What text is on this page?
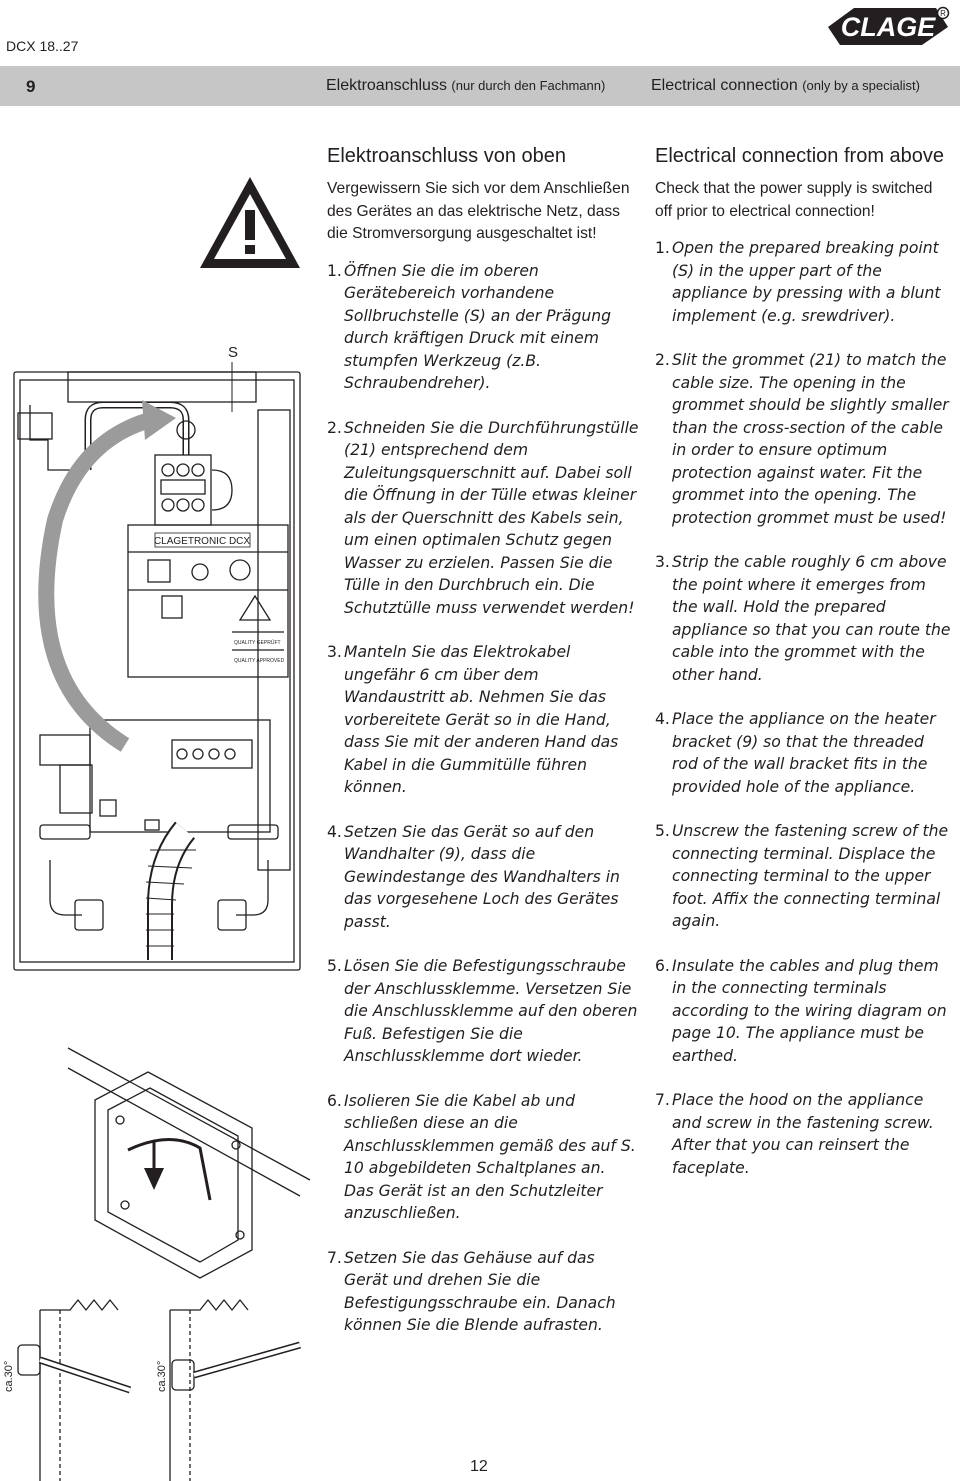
DCX 18..27
CLAGE R
9	Elektroanschluss (nur durch den Fachmann)	Electrical connection (only by a specialist)
S
CLAGETRONIC DCX
QUALITY GEPRÜFT
QUALITY APPROVED
ca.30°	ca.30°
Elektroanschluss von oben
Vergewissern Sie sich vor dem Anschließen des Gerätes an das elektrische Netz, dass die Stromversorgung ausgeschaltet ist!
1. Öffnen Sie die im oberen Gerätebereich vorhandene Sollbruchstelle (S) an der Prägung durch kräftigen Druck mit einem stumpfen Werkzeug (z.B. Schraubendreher).
2. Schneiden Sie die Durchführungstülle (21) entsprechend dem Zuleitungsquerschnitt auf. Dabei soll die Öffnung in der Tülle etwas kleiner als der Querschnitt des Kabels sein, um einen optimalen Schutz gegen Wasser zu erzielen. Passen Sie die Tülle in den Durchbruch ein. Die Schutztülle muss verwendet werden!
3. Manteln Sie das Elektrokabel ungefähr 6 cm über dem Wandaustritt ab. Nehmen Sie das vorbereitete Gerät so in die Hand, dass Sie mit der anderen Hand das Kabel in die Gummitülle führen können.
4. Setzen Sie das Gerät so auf den Wandhalter (9), dass die Gewindestange des Wandhalters in das vorgesehene Loch des Gerätes passt.
5. Lösen Sie die Befestigungsschraube der Anschlussklemme. Versetzen Sie die Anschlussklemme auf den oberen Fuß. Befestigen Sie die Anschlussklemme dort wieder.
6. Isolieren Sie die Kabel ab und schließen diese an die Anschlussklemmen gemäß des auf S. 10 abgebildeten Schaltplanes an. Das Gerät ist an den Schutzleiter anzuschließen.
7. Setzen Sie das Gehäuse auf das Gerät und drehen Sie die Befestigungsschraube ein. Danach können Sie die Blende aufrasten.
Electrical connection from above
Check that the power supply is switched off prior to electrical connection!
1. Open the prepared breaking point (S) in the upper part of the appliance by pressing with a blunt implement (e.g. srewdriver).
2. Slit the grommet (21) to match the cable size. The opening in the grommet should be slightly smaller than the cross-section of the cable in order to ensure optimum protection against water. Fit the grommet into the opening. The protection grommet must be used!
3. Strip the cable roughly 6 cm above the point where it emerges from the wall. Hold the prepared appliance so that you can route the cable into the grommet with the other hand.
4. Place the appliance on the heater bracket (9) so that the threaded rod of the wall bracket fits in the provided hole of the appliance.
5. Unscrew the fastening screw of the connecting terminal. Displace the connecting terminal to the upper foot. Affix the connecting terminal again.
6. Insulate the cables and plug them in the connecting terminals according to the wiring diagram on page 10. The appliance must be earthed.
7. Place the hood on the appliance and screw in the fastening screw. After that you can reinsert the faceplate.
12
